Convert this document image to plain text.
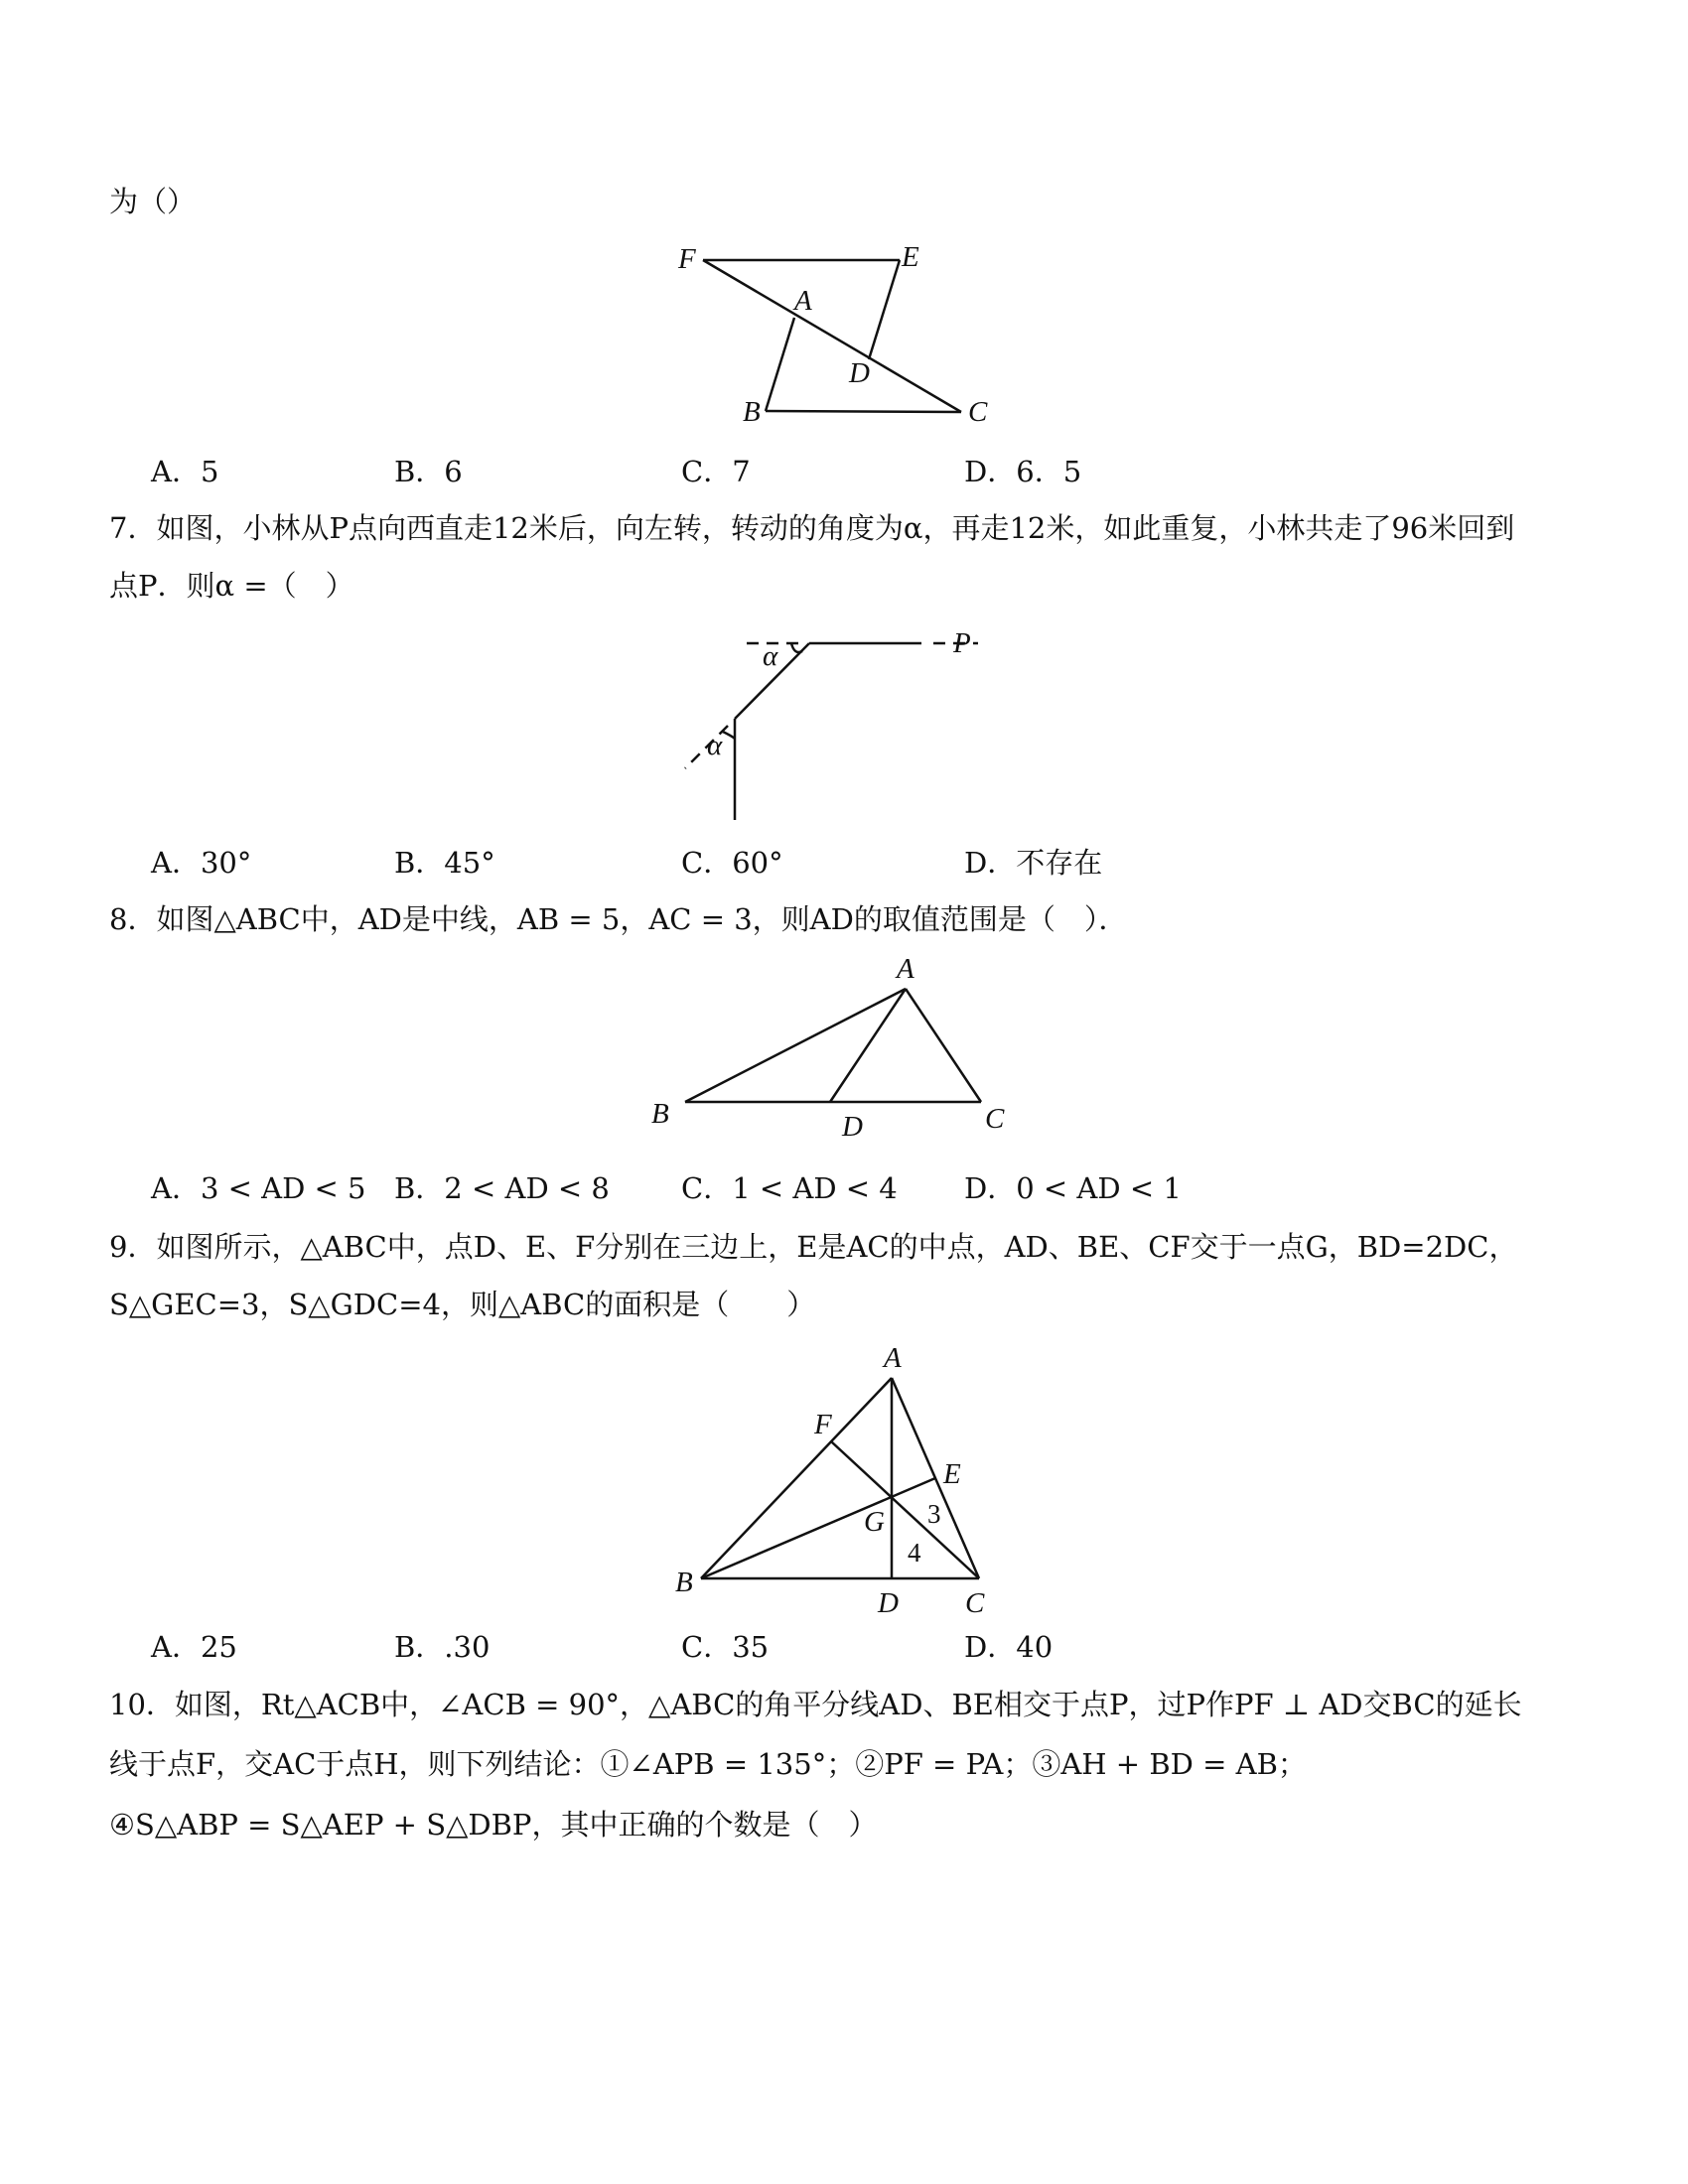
为（）
F	E
A
D
B	C
A．5	B．6	C．7	D．6．5
7．如图，小林从P点向西直走12米后，向左转，转动的角度为α，再走12米，如此重复，小林共走了96米回到
点P．则α =（　）
α
α
P
A．30°	B．45°	C．60°	D．不存在
8．如图△ABC中，AD是中线，AB = 5，AC = 3，则AD的取值范围是（　）．
A
B	C
D
A．3 < AD < 5 B．2 < AD < 8 C．1 < AD < 4 D．0 < AD < 1
9．如图所示，△ABC中，点D、E、F分别在三边上，E是AC的中点，AD、BE、CF交于一点G，BD=2DC，
S△GEC=3，S△GDC=4，则△ABC的面积是（　　）
A
F
E
G 3
4
B
D C
A．25	B．.30	C．35	D．40
10．如图，Rt△ACB中，∠ACB = 90°，△ABC的角平分线AD、BE相交于点P，过P作PF ⊥ AD交BC的延长
线于点F，交AC于点H，则下列结论：①∠APB = 135°；②PF = PA；③AH + BD = AB；
④S△ABP = S△AEP + S△DBP，其中正确的个数是（　）
